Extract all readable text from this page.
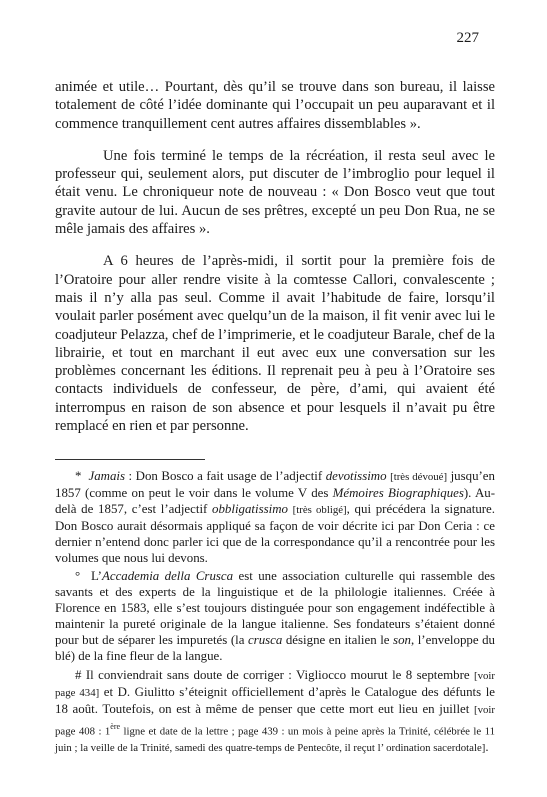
227

animée et utile… Pourtant, dès qu’il se trouve dans son bureau, il laisse totalement de côté l’idée dominante qui l’occupait un peu auparavant et il commence tranquillement cent autres affaires dissemblables ».

Une fois terminé le temps de la récréation, il resta seul avec le professeur qui, seulement alors, put discuter de l’imbroglio pour lequel il était venu. Le chroniqueur note de nouveau : « Don Bosco veut que tout gravite autour de lui. Aucun de ses prêtres, excepté un peu Don Rua, ne se mêle jamais des affaires ».

A 6 heures de l’après-midi, il sortit pour la première fois de l’Oratoire pour aller rendre visite à la comtesse Callori, convalescente ; mais il n’y alla pas seul. Comme il avait l’habitude de faire, lorsqu’il voulait parler posément avec quelqu’un de la maison, il fit venir avec lui le coadjuteur Pelazza, chef de l’imprimerie, et le coadjuteur Barale, chef de la librairie, et tout en marchant il eut avec eux une conversation sur les problèmes concernant les éditions. Il reprenait peu à peu à l’Oratoire ses contacts individuels de confesseur, de père, d’ami, qui avaient été interrompus en raison de son absence et pour lesquels il n’avait pu être remplacé en rien et par personne.

* Jamais : Don Bosco a fait usage de l’adjectif devotissimo [très dévoué] jusqu’en 1857 (comme on peut le voir dans le volume V des Mémoires Biographiques). Au-delà de 1857, c’est l’adjectif obbligatissimo [très obligé], qui précédera la signature. Don Bosco aurait désormais appliqué sa façon de voir décrite ici par Don Ceria : ce dernier n’entend donc parler ici que de la correspondance qu’il a rencontrée pour les volumes que nous lui devons.

° L’Accademia della Crusca est une association culturelle qui rassemble des savants et des experts de la linguistique et de la philologie italiennes. Créée à Florence en 1583, elle s’est toujours distinguée pour son engagement indéfectible à maintenir la pureté originale de la langue italienne. Ses fondateurs s’étaient donné pour but de séparer les impuretés (la crusca désigne en italien le son, l’enveloppe du blé) de la fine fleur de la langue.

# Il conviendrait sans doute de corriger : Vigliocco mourut le 8 septembre [voir page 434] et D. Giulitto s’éteignit officiellement d’après le Catalogue des défunts le 18 août. Toutefois, on est à même de penser que cette mort eut lieu en juillet [voir page 408 : 1ère ligne et date de la lettre ; page 439 : un mois à peine après la Trinité, célébrée le 11 juin ; la veille de la Trinité, samedi des quatre-temps de Pentecôte, il reçut l’ ordination sacerdotale].
